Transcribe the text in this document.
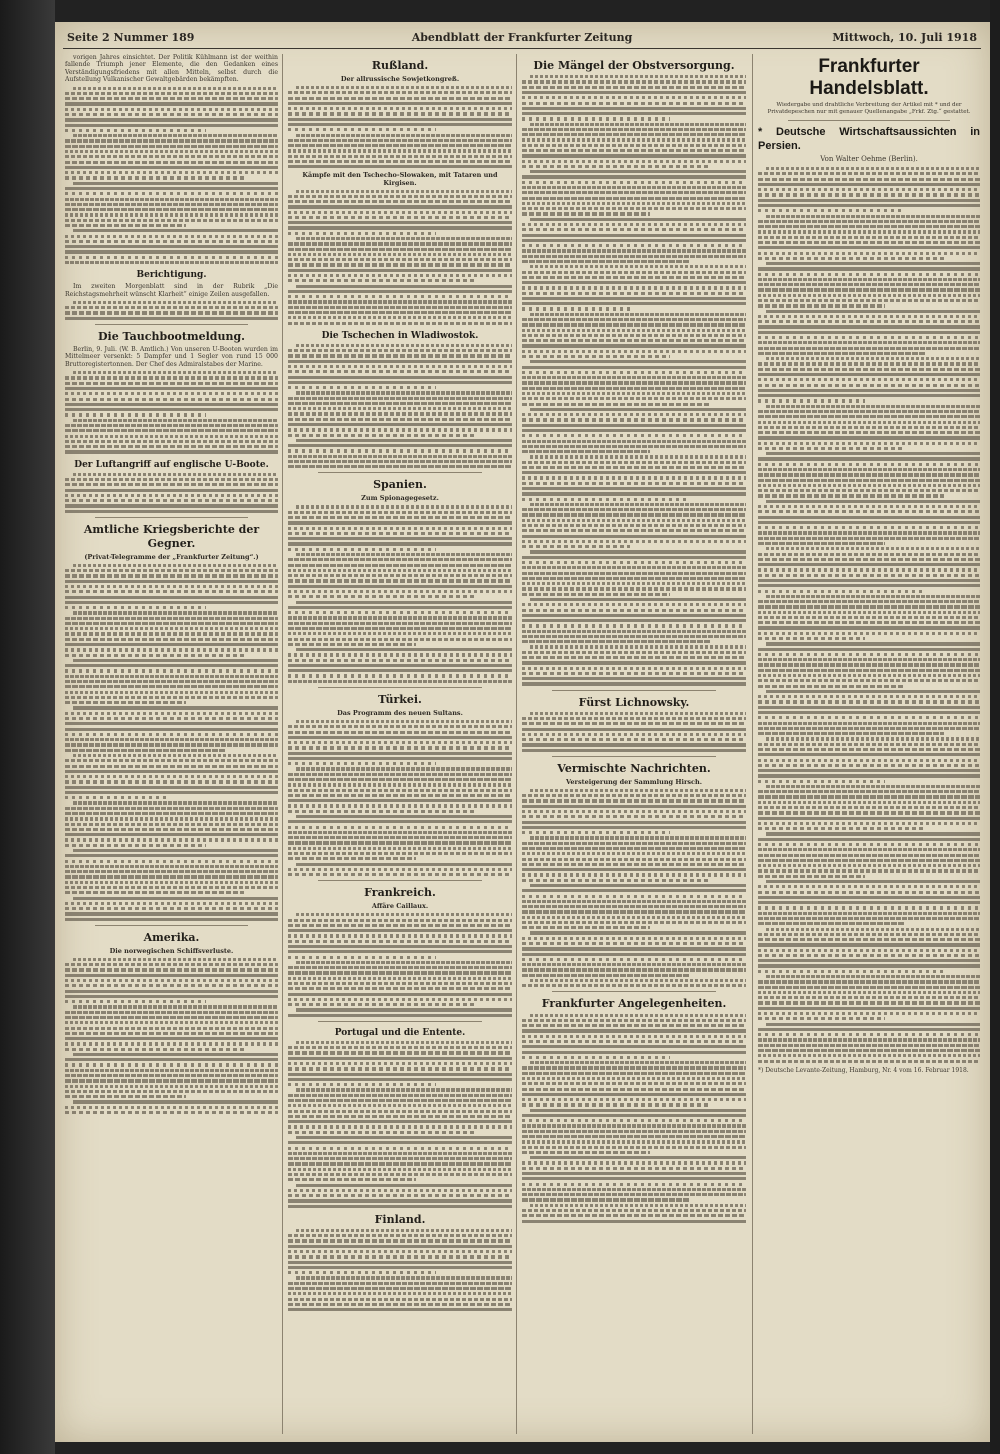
Seite 2 Nummer 189	Abendblatt der Frankfurter Zeitung	Mittwoch, 10. Juli 1918

vorigen Jahres einsichtet. Der Politik Kühlmann ist der weithin fallende Triumph jener Elemente, die den Gedanken eines Verständigungsfriedens mit allen Mitteln, selbst durch die Aufstellung Vulkanischer Gewaltgebärden bekämpften.

Berichtigung.

Im zweiten Morgenblatt sind in der Rubrik „Die Reichstagsmehrheit wünscht Klarheit“ einige Zeilen ausgefallen.

Die Tauchbootmeldung.

Berlin, 9. Juli. (W. B. Amtlich.) Von unseren U-Booten wurden im Mittelmeer versenkt: 5 Dampfer und 1 Segler von rund 15 000 Bruttoregistertonnen. Der Chef des Admiralstabes der Marine.

Der Luftangriff auf englische U-Boote.
Amtliche Kriegsberichte der Gegner.
(Privat-Telegramme der „Frankfurter Zeitung“.)
Amerika.
Die norwegischen Schiffsverluste.
Rußland.
Der allrussische Sowjetkongreß.
Kämpfe mit den Tschecho-Slowaken, mit Tataren und Kirgisen.
Die Tschechen in Wladiwostok.
Spanien.
Zum Spionagegesetz.
Türkei.
Das Programm des neuen Sultans.
Frankreich.
Affäre Caillaux.
Portugal und die Entente.
Finland.
Die Mängel der Obstversorgung.
Fürst Lichnowsky.
Vermischte Nachrichten.
Versteigerung der Sammlung Hirsch.
Frankfurter Angelegenheiten.
Frankfurter Handelsblatt.
Wiedergabe und drahtliche Verbreitung der Artikel mit * und der Privatdepeschen nur mit genauer Quellenangabe „Frkf. Ztg.“ gestattet.
* Deutsche Wirtschaftsaussichten in Persien.
Von Walter Oehme (Berlin).
*) Deutsche Levante-Zeitung, Hamburg, Nr. 4 vom 16. Februar 1918.
